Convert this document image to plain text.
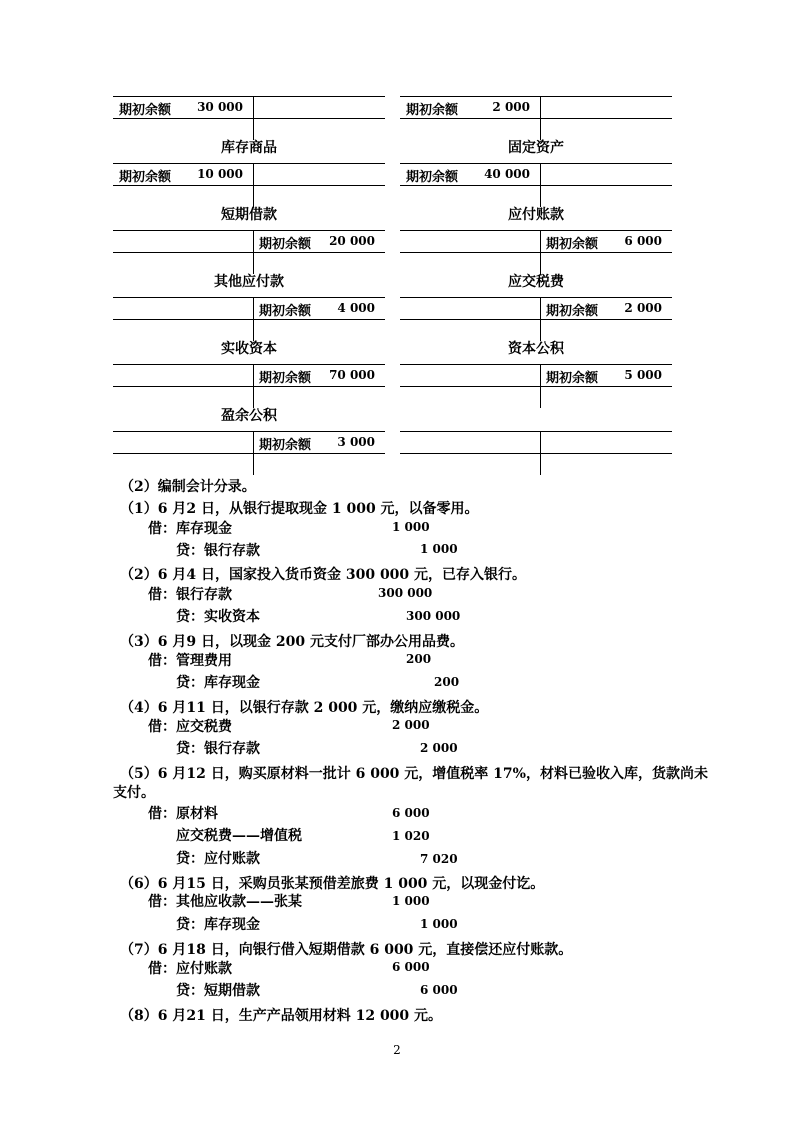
期初余额	30 000	期初余额	2 000
库存商品
期初余额	10 000
固定资产
期初余额	40 000
短期借款
期初余额	20 000
应付账款
期初余额	6 000
其他应付款
期初余额	4 000
应交税费
期初余额	2 000
实收资本
期初余额	70 000
资本公积
期初余额	5 000
盈余公积
期初余额	3 000
（2）编制会计分录。
（1）6 月2 日，从银行提取现金 1 000 元，以备零用。
借：库存现金	1 000
贷：银行存款	1 000
（2）6 月4 日，国家投入货币资金 300 000 元，已存入银行。
借：银行存款	300 000
贷：实收资本	300 000
（3）6 月9 日，以现金 200 元支付厂部办公用品费。
借：管理费用	200
贷：库存现金	200
（4）6 月11 日，以银行存款 2 000 元，缴纳应缴税金。
借：应交税费	2 000
贷：银行存款	2 000
（5）6 月12 日，购买原材料一批计 6 000 元，增值税率 17%，材料已验收入库，货款尚未
支付。
借：原材料	6 000
应交税费——增值税	1 020
贷：应付账款	7 020
（6）6 月15 日，采购员张某预借差旅费 1 000 元，以现金付讫。
借：其他应收款——张某	1 000
贷：库存现金	1 000
（7）6 月18 日，向银行借入短期借款 6 000 元，直接偿还应付账款。
借：应付账款	6 000
贷：短期借款	6 000
（8）6 月21 日，生产产品领用材料 12 000 元。
2
